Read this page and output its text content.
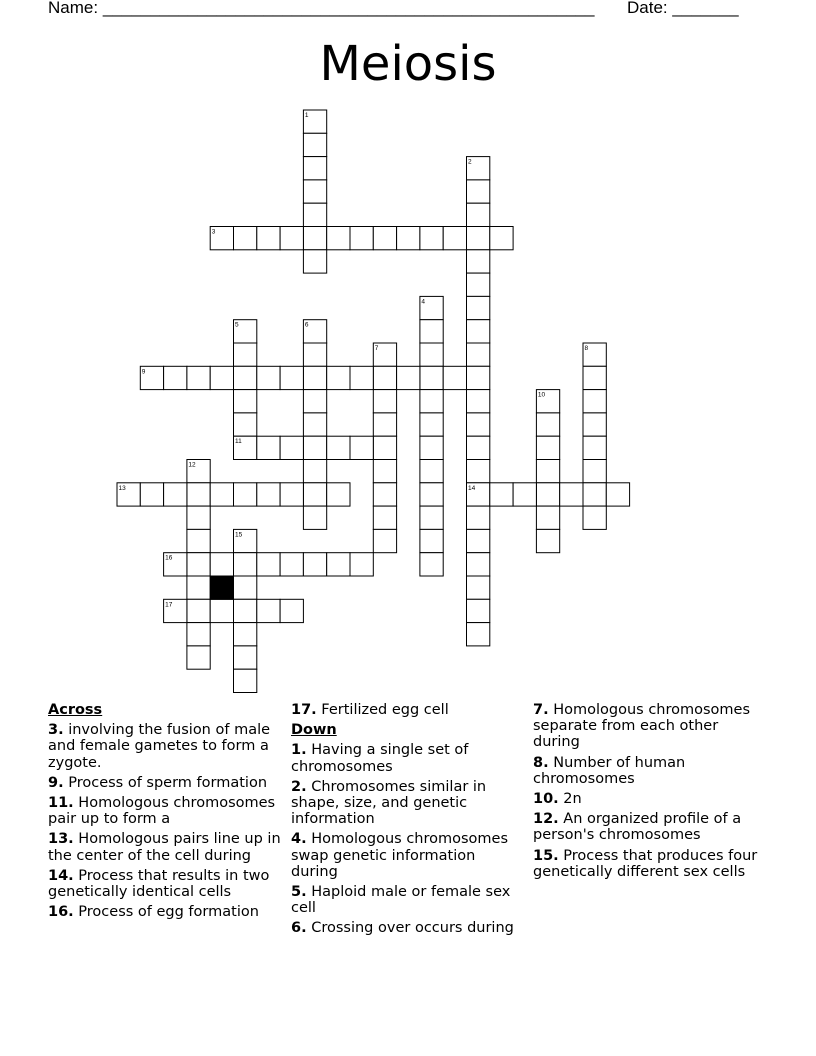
Name: ____________________________________________________ Date: _______
Meiosis
1
2
3
4
5	6
7	8
9
10
11
12
13	14
15
16
17
Across
3. involving the fusion of male and female gametes to form a zygote.
9. Process of sperm formation
11. Homologous chromosomes pair up to form a
13. Homologous pairs line up in the center of the cell during
14. Process that results in two genetically identical cells
16. Process of egg formation
17. Fertilized egg cell
Down
1. Having a single set of chromosomes
2. Chromosomes similar in shape, size, and genetic information
4. Homologous chromosomes swap genetic information during
5. Haploid male or female sex cell
6. Crossing over occurs during
7. Homologous chromosomes separate from each other during
8. Number of human chromosomes
10. 2n
12. An organized profile of a person's chromosomes
15. Process that produces four genetically different sex cells
